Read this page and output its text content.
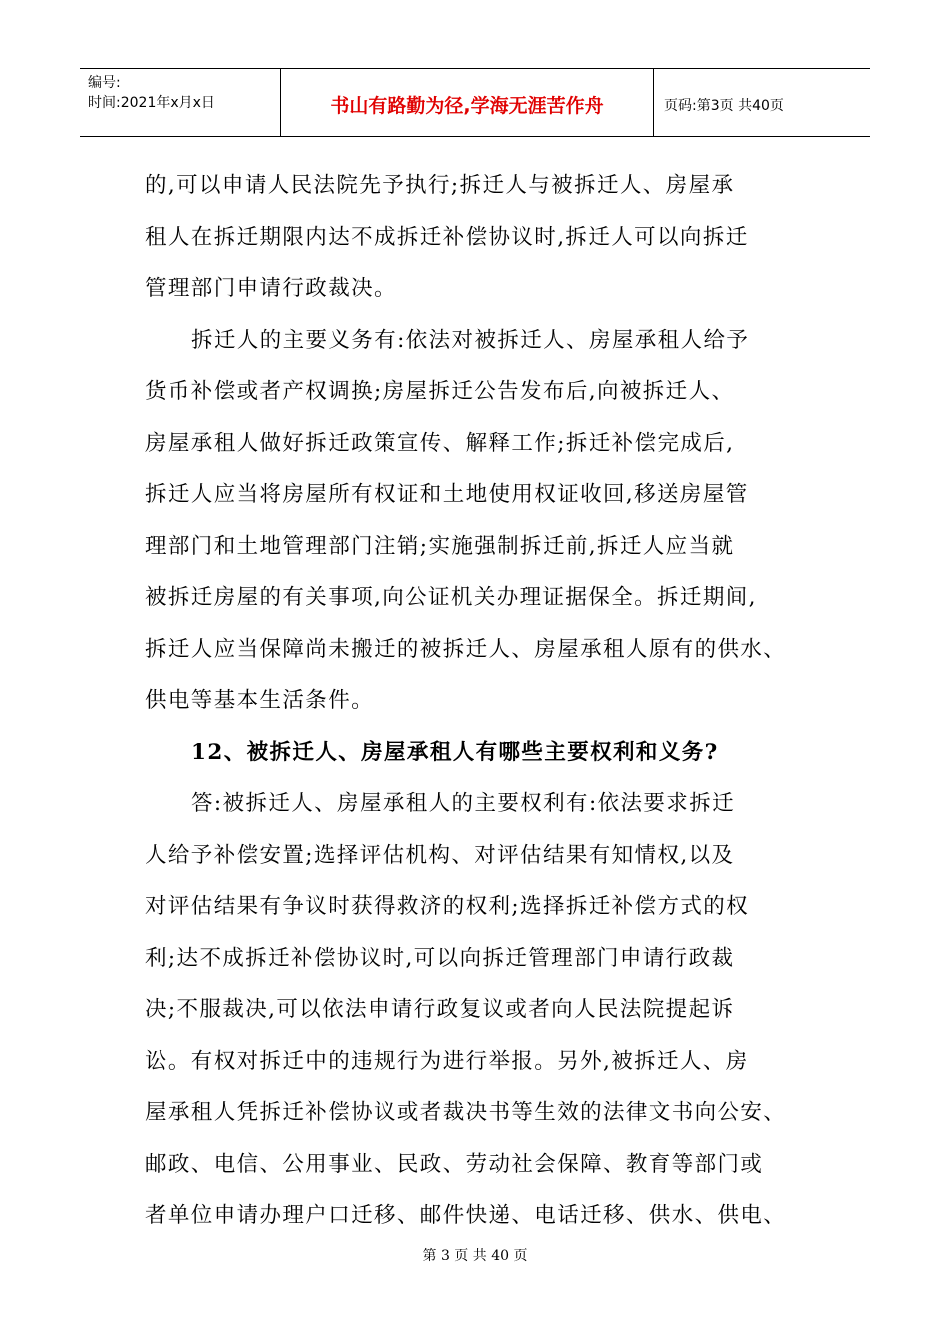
编号:
时间:2021年x月x日	书山有路勤为径,学海无涯苦作舟	页码:第3页 共40页
的,可以申请人民法院先予执行;拆迁人与被拆迁人、房屋承
租人在拆迁期限内达不成拆迁补偿协议时,拆迁人可以向拆迁
管理部门申请行政裁决。
拆迁人的主要义务有:依法对被拆迁人、房屋承租人给予
货币补偿或者产权调换;房屋拆迁公告发布后,向被拆迁人、
房屋承租人做好拆迁政策宣传、解释工作;拆迁补偿完成后,
拆迁人应当将房屋所有权证和土地使用权证收回,移送房屋管
理部门和土地管理部门注销;实施强制拆迁前,拆迁人应当就
被拆迁房屋的有关事项,向公证机关办理证据保全。拆迁期间,
拆迁人应当保障尚未搬迁的被拆迁人、房屋承租人原有的供水、
供电等基本生活条件。
12、被拆迁人、房屋承租人有哪些主要权利和义务?
答:被拆迁人、房屋承租人的主要权利有:依法要求拆迁
人给予补偿安置;选择评估机构、对评估结果有知情权,以及
对评估结果有争议时获得救济的权利;选择拆迁补偿方式的权
利;达不成拆迁补偿协议时,可以向拆迁管理部门申请行政裁
决;不服裁决,可以依法申请行政复议或者向人民法院提起诉
讼。有权对拆迁中的违规行为进行举报。另外,被拆迁人、房
屋承租人凭拆迁补偿协议或者裁决书等生效的法律文书向公安、
邮政、电信、公用事业、民政、劳动社会保障、教育等部门或
者单位申请办理户口迁移、邮件快递、电话迁移、供水、供电、
第 3 页 共 40 页
